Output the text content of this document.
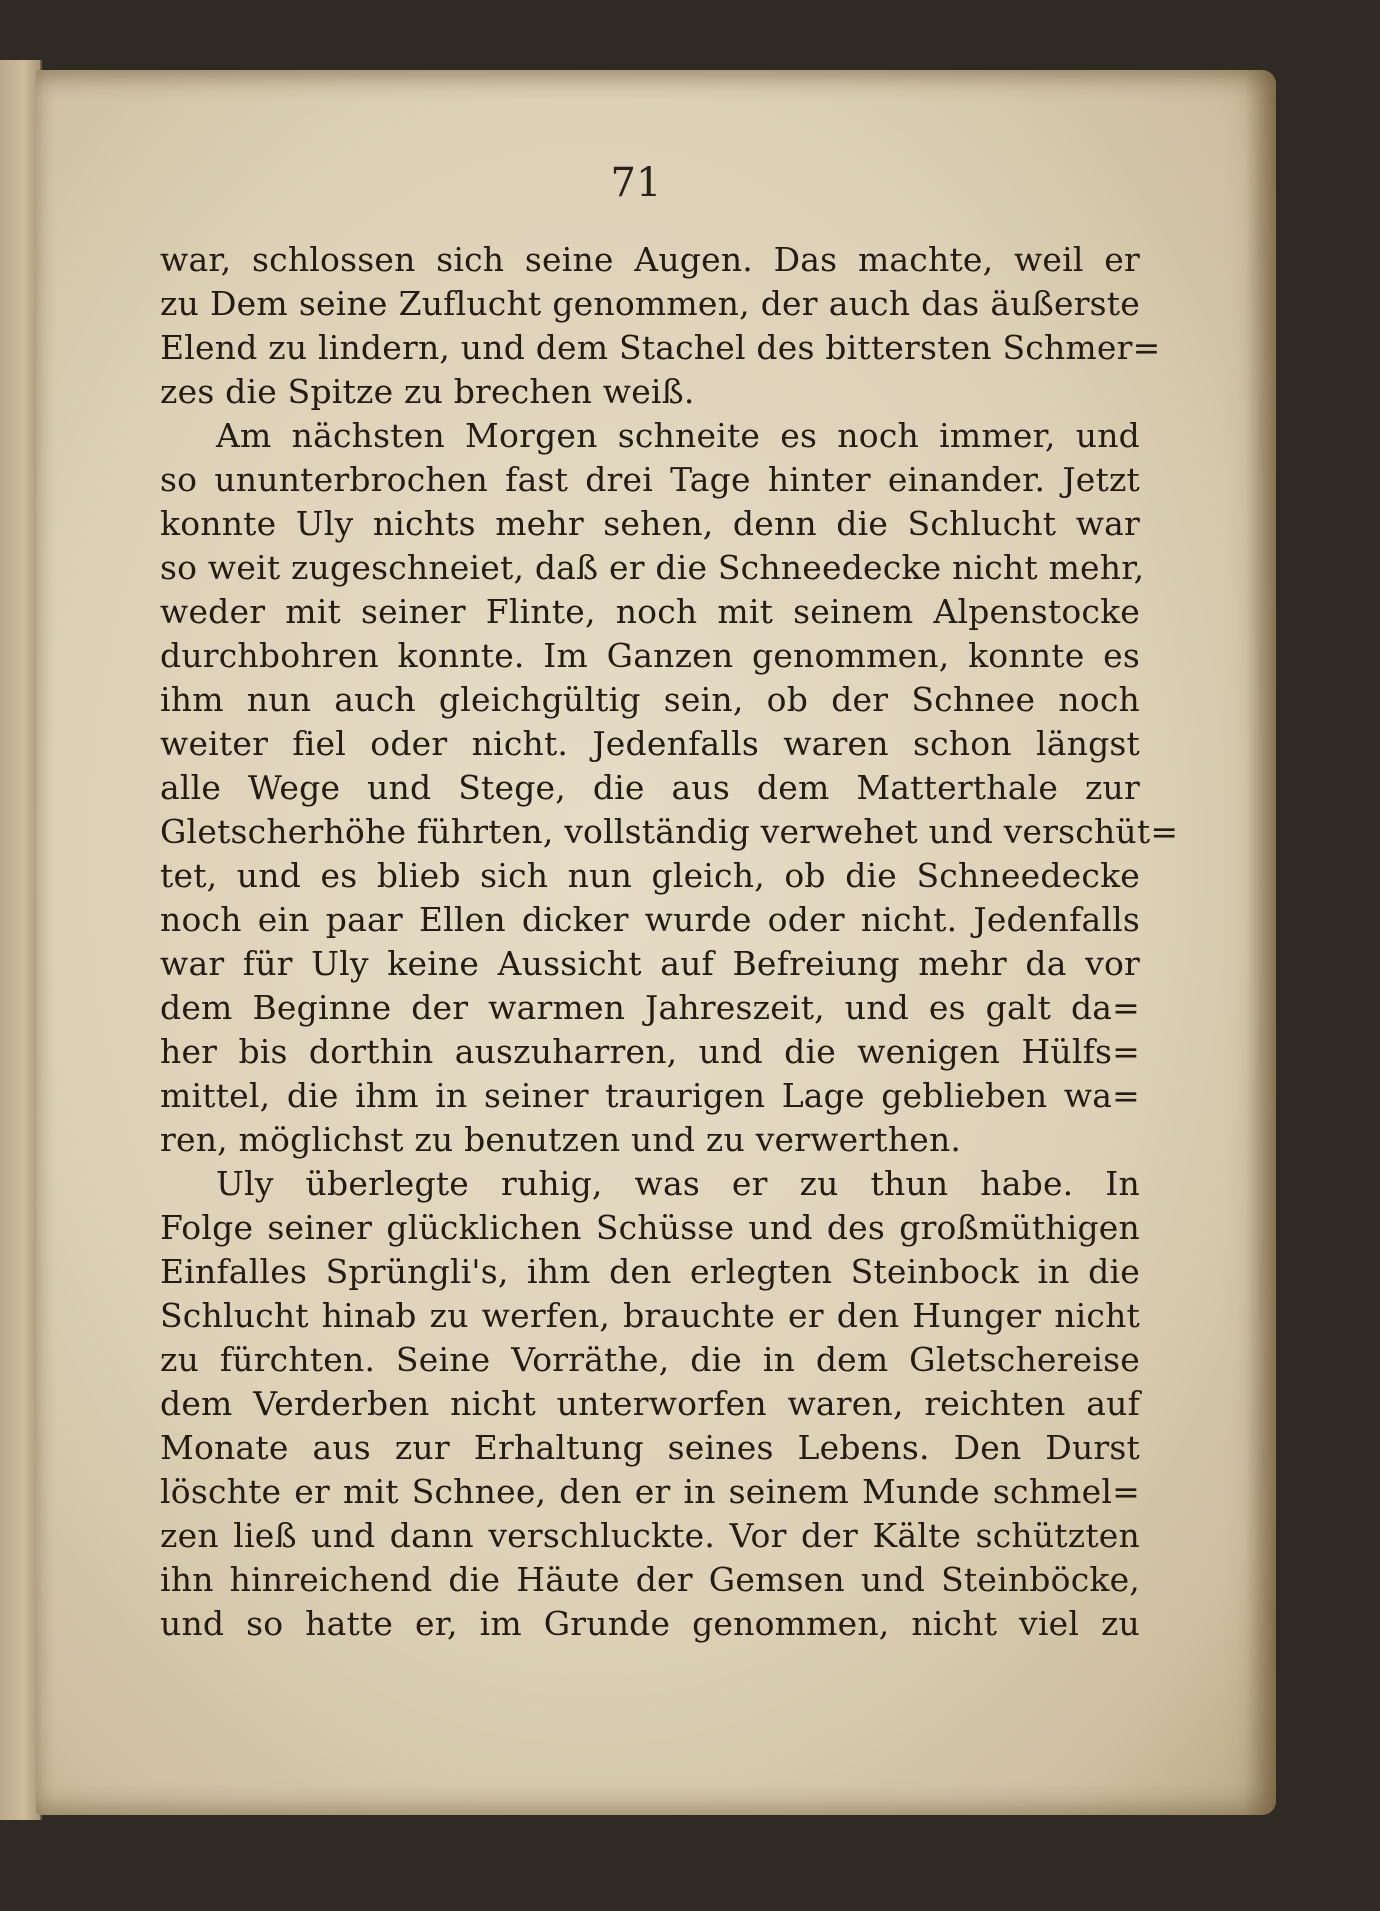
71
war, schlossen sich seine Augen. Das machte, weil er
zu Dem seine Zuflucht genommen, der auch das äußerste
Elend zu lindern, und dem Stachel des bittersten Schmer=
zes die Spitze zu brechen weiß.
Am nächsten Morgen schneite es noch immer, und
so ununterbrochen fast drei Tage hinter einander. Jetzt
konnte Uly nichts mehr sehen, denn die Schlucht war
so weit zugeschneiet, daß er die Schneedecke nicht mehr,
weder mit seiner Flinte, noch mit seinem Alpenstocke
durchbohren konnte. Im Ganzen genommen, konnte es
ihm nun auch gleichgültig sein, ob der Schnee noch
weiter fiel oder nicht. Jedenfalls waren schon längst
alle Wege und Stege, die aus dem Matterthale zur
Gletscherhöhe führten, vollständig verwehet und verschüt=
tet, und es blieb sich nun gleich, ob die Schneedecke
noch ein paar Ellen dicker wurde oder nicht. Jedenfalls
war für Uly keine Aussicht auf Befreiung mehr da vor
dem Beginne der warmen Jahreszeit, und es galt da=
her bis dorthin auszuharren, und die wenigen Hülfs=
mittel, die ihm in seiner traurigen Lage geblieben wa=
ren, möglichst zu benutzen und zu verwerthen.
Uly überlegte ruhig, was er zu thun habe. In
Folge seiner glücklichen Schüsse und des großmüthigen
Einfalles Sprüngli's, ihm den erlegten Steinbock in die
Schlucht hinab zu werfen, brauchte er den Hunger nicht
zu fürchten. Seine Vorräthe, die in dem Gletschereise
dem Verderben nicht unterworfen waren, reichten auf
Monate aus zur Erhaltung seines Lebens. Den Durst
löschte er mit Schnee, den er in seinem Munde schmel=
zen ließ und dann verschluckte. Vor der Kälte schützten
ihn hinreichend die Häute der Gemsen und Steinböcke,
und so hatte er, im Grunde genommen, nicht viel zu
